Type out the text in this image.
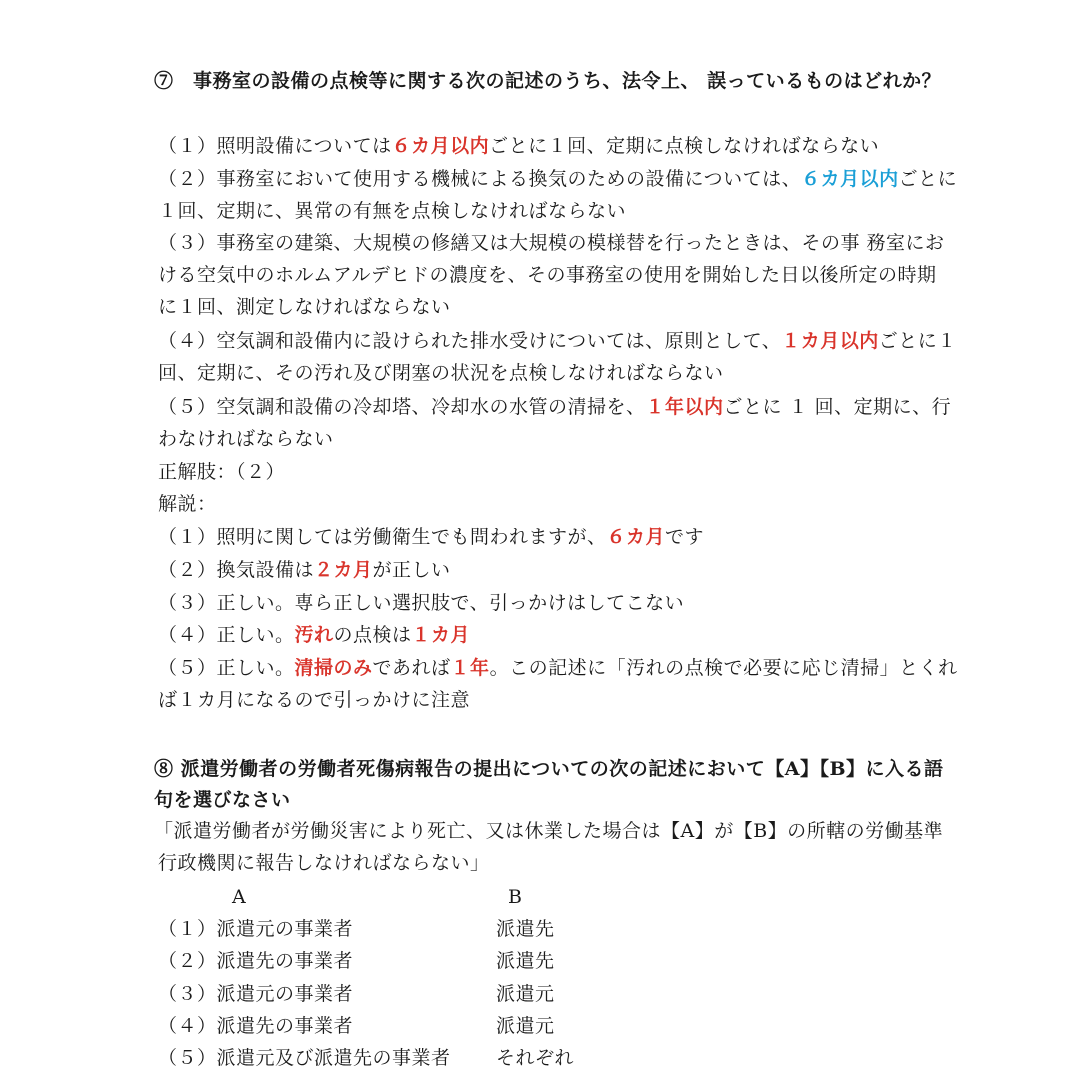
⑦　事務室の設備の点検等に関する次の記述のうち、法令上、 誤っているものはどれか？
（１）照明設備については６カ月以内ごとに１回、定期に点検しなければならない
（２）事務室において使用する機械による換気のための設備については、６カ月以内ごとに
１回、定期に、異常の有無を点検しなければならない
（３）事務室の建築、大規模の修繕又は大規模の模様替を行ったときは、その事 務室にお
ける空気中のホルムアルデヒドの濃度を、その事務室の使用を開始した日以後所定の時期
に１回、測定しなければならない
（４）空気調和設備内に設けられた排水受けについては、原則として、１カ月以内ごとに１
回、定期に、その汚れ及び閉塞の状況を点検しなければならない
（５）空気調和設備の冷却塔、冷却水の水管の清掃を、１年以内ごとに １ 回、定期に、行
わなければならない
正解肢：（２）
解説：
（１）照明に関しては労働衛生でも問われますが、６カ月です
（２）換気設備は２カ月が正しい
（３）正しい。専ら正しい選択肢で、引っかけはしてこない
（４）正しい。汚れの点検は１カ月
（５）正しい。清掃のみであれば１年。この記述に「汚れの点検で必要に応じ清掃」とくれ
ば１カ月になるので引っかけに注意
⑧ 派遣労働者の労働者死傷病報告の提出についての次の記述において【A】【B】に入る語
句を選びなさい
「派遣労働者が労働災害により死亡、又は休業した場合は【A】が【B】の所轄の労働基準
行政機関に報告しなければならない」
A	B
（１）派遣元の事業者	派遣先
（２）派遣先の事業者	派遣先
（３）派遣元の事業者	派遣元
（４）派遣先の事業者	派遣元
（５）派遣元及び派遣先の事業者 それぞれ
